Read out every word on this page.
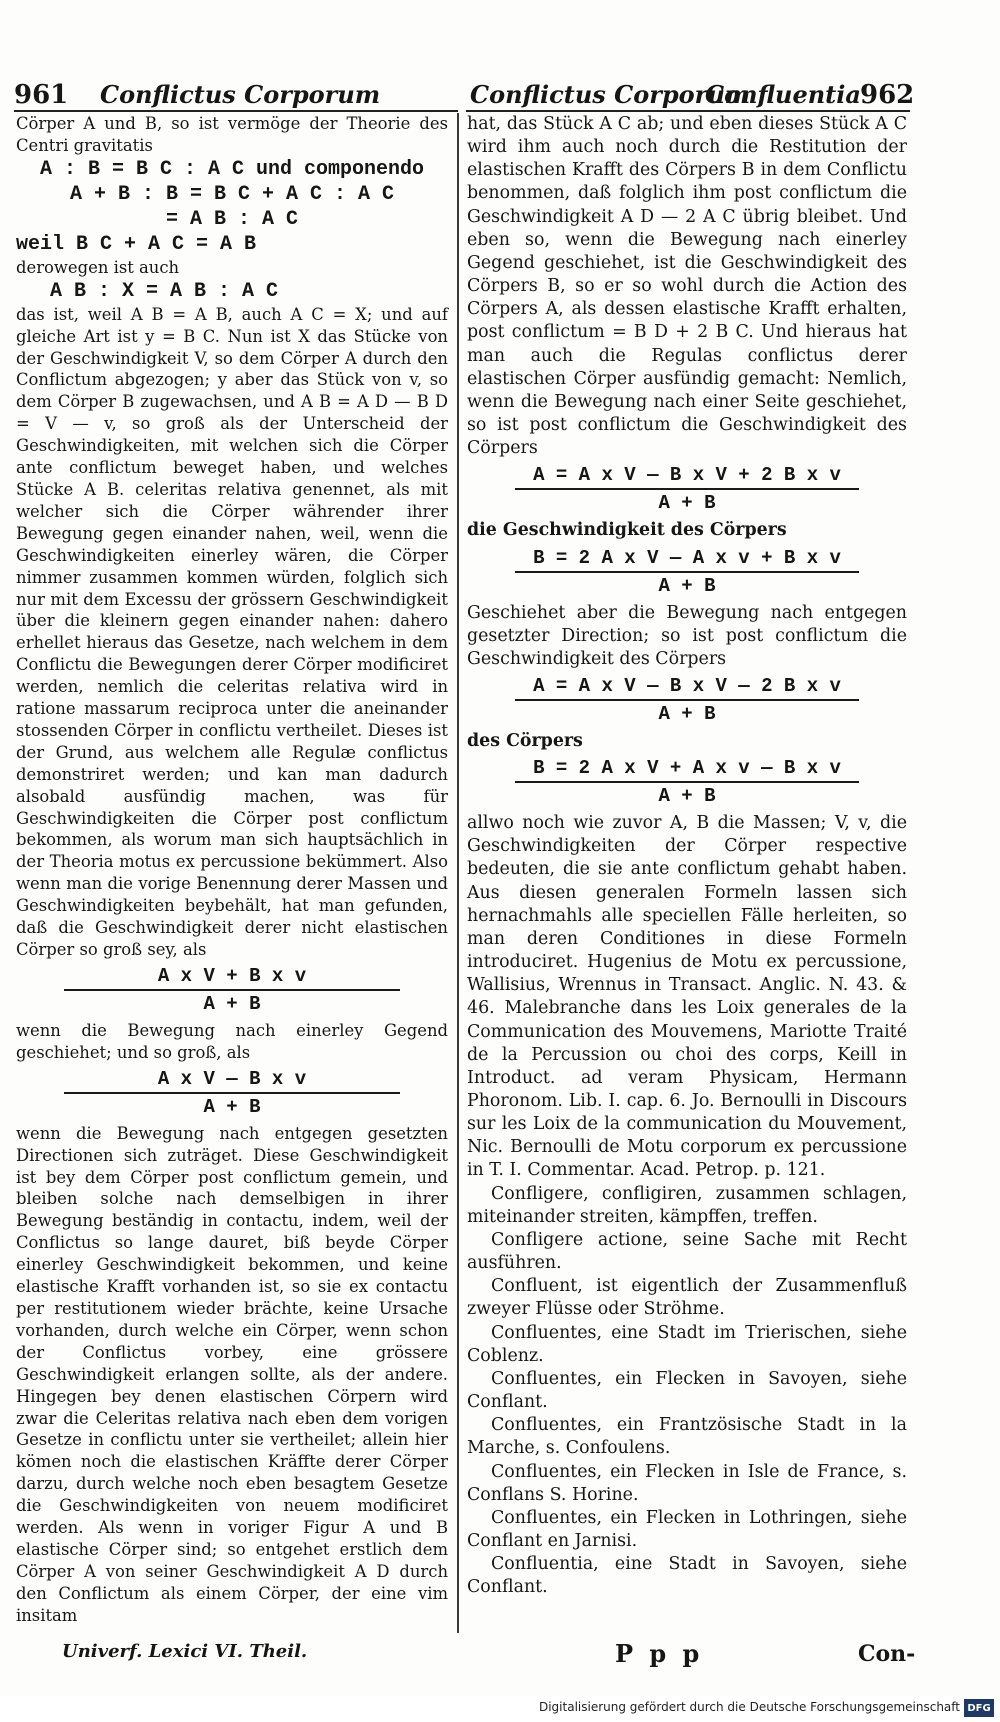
961 Conflictus Corporum	Conflictus Corporum
Confluentia 962

Cörper A und B, so ist vermöge der Theorie des Centri gravitatis

A : B = B C : A C und componendo
A + B : B = B C + A C : A C
= A B : A C
weil B C + A C = A B

derowegen ist auch

A B : X = A B : A C

das ist, weil A B = A B, auch A C = X; und auf gleiche Art ist y = B C. Nun ist X das Stücke von der Geschwindigkeit V, so dem Cörper A durch den Conflictum abgezogen; y aber das Stück von v, so dem Cörper B zugewachsen, und A B = A D — B D = V — v, so groß als der Unterscheid der Geschwindigkeiten, mit welchen sich die Cörper ante conflictum beweget haben, und welches Stücke A B. celeritas relativa genennet, als mit welcher sich die Cörper währender ihrer Bewegung gegen einander nahen, weil, wenn die Geschwindigkeiten einerley wären, die Cörper nimmer zusammen kommen würden, folglich sich nur mit dem Excessu der grössern Geschwindigkeit über die kleinern gegen einander nahen: dahero erhellet hieraus das Gesetze, nach welchem in dem Conflictu die Bewegungen derer Cörper modificiret werden, nemlich die celeritas relativa wird in ratione massarum reciproca unter die aneinander stossenden Cörper in conflictu vertheilet. Dieses ist der Grund, aus welchem alle Regulæ conflictus demonstriret werden; und kan man dadurch alsobald ausfündig machen, was für Geschwindigkeiten die Cörper post conflictum bekommen, als worum man sich hauptsächlich in der Theoria motus ex percussione bekümmert. Also wenn man die vorige Benennung derer Massen und Geschwindigkeiten beybehält, hat man gefunden, daß die Geschwindigkeit derer nicht elastischen Cörper so groß sey, als

A x V + B x v
A + B

wenn die Bewegung nach einerley Gegend geschiehet; und so groß, als

A x V — B x v
A + B

wenn die Bewegung nach entgegen gesetzten Directionen sich zuträget. Diese Geschwindigkeit ist bey dem Cörper post conflictum gemein, und bleiben solche nach demselbigen in ihrer Bewegung beständig in contactu, indem, weil der Conflictus so lange dauret, biß beyde Cörper einerley Geschwindigkeit bekommen, und keine elastische Krafft vorhanden ist, so sie ex contactu per restitutionem wieder brächte, keine Ursache vorhanden, durch welche ein Cörper, wenn schon der Conflictus vorbey, eine grössere Geschwindigkeit erlangen sollte, als der andere. Hingegen bey denen elastischen Cörpern wird zwar die Celeritas relativa nach eben dem vorigen Gesetze in conflictu unter sie vertheilet; allein hier kömen noch die elastischen Kräffte derer Cörper darzu, durch welche noch eben besagtem Gesetze die Geschwindigkeiten von neuem modificiret werden. Als wenn in voriger Figur A und B elastische Cörper sind; so entgehet erstlich dem Cörper A von seiner Geschwindigkeit A D durch den Conflictum als einem Cörper, der eine vim insitam

hat, das Stück A C ab; und eben dieses Stück A C wird ihm auch noch durch die Restitution der elastischen Krafft des Cörpers B in dem Conflictu benommen, daß folglich ihm post conflictum die Geschwindigkeit A D — 2 A C übrig bleibet. Und eben so, wenn die Bewegung nach einerley Gegend geschiehet, ist die Geschwindigkeit des Cörpers B, so er so wohl durch die Action des Cörpers A, als dessen elastische Krafft erhalten, post conflictum = B D + 2 B C. Und hieraus hat man auch die Regulas conflictus derer elastischen Cörper ausfündig gemacht: Nemlich, wenn die Bewegung nach einer Seite geschiehet, so ist post conflictum die Geschwindigkeit des Cörpers

A = A x V — B x V + 2 B x v
A + B

die Geschwindigkeit des Cörpers

B = 2 A x V — A x v + B x v
A + B

Geschiehet aber die Bewegung nach entgegen gesetzter Direction; so ist post conflictum die Geschwindigkeit des Cörpers

A = A x V — B x V — 2 B x v
A + B

des Cörpers

B = 2 A x V + A x v — B x v
A + B

allwo noch wie zuvor A, B die Massen; V, v, die Geschwindigkeiten der Cörper respective bedeuten, die sie ante conflictum gehabt haben. Aus diesen generalen Formeln lassen sich hernachmahls alle speciellen Fälle herleiten, so man deren Conditiones in diese Formeln introduciret. Hugenius de Motu ex percussione, Wallisius, Wrennus in Transact. Anglic. N. 43. & 46. Malebranche dans les Loix generales de la Communication des Mouvemens, Mariotte Traité de la Percussion ou choi des corps, Keill in Introduct. ad veram Physicam, Hermann Phoronom. Lib. I. cap. 6. Jo. Bernoulli in Discours sur les Loix de la communication du Mouvement, Nic. Bernoulli de Motu corporum ex percussione in T. I. Commentar. Acad. Petrop. p. 121.

Confligere, confligiren, zusammen schlagen, miteinander streiten, kämpffen, treffen.

Confligere actione, seine Sache mit Recht ausführen.

Confluent, ist eigentlich der Zusammenfluß zweyer Flüsse oder Ströhme.

Confluentes, eine Stadt im Trierischen, siehe Coblenz.

Confluentes, ein Flecken in Savoyen, siehe Conflant.

Confluentes, ein Frantzösische Stadt in la Marche, s. Confoulens.

Confluentes, ein Flecken in Isle de France, s. Conflans S. Horine.

Confluentes, ein Flecken in Lothringen, siehe Conflant en Jarnisi.

Confluentia, eine Stadt in Savoyen, siehe Conflant.

Univerf. Lexici VI. Theil.	P p p	Con-
Digitalisierung gefördert durch die Deutsche Forschungsgemeinschaft DFG
